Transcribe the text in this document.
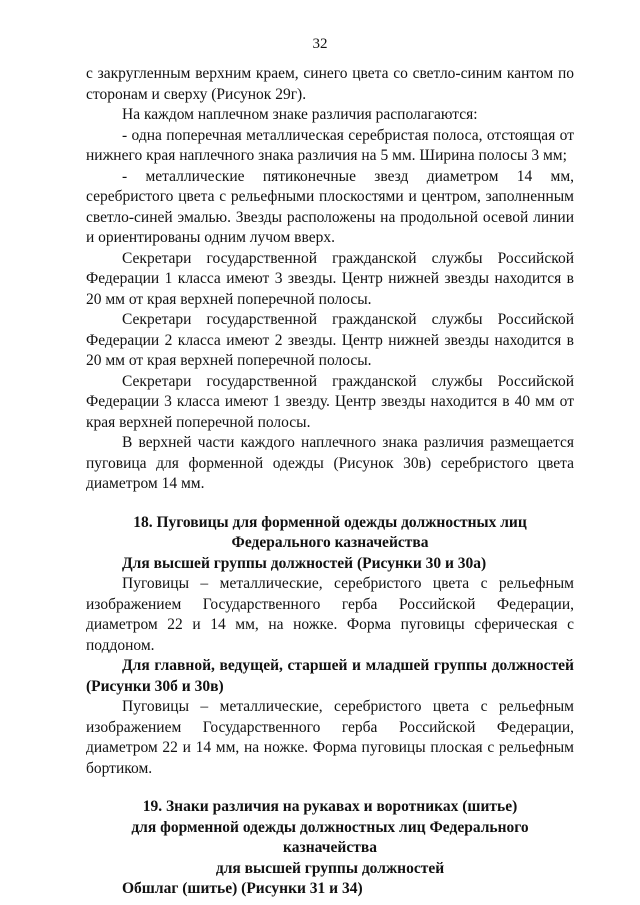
32

с закругленным верхним краем, синего цвета со светло-синим кантом по сторонам и сверху (Рисунок 29г).

На каждом наплечном знаке различия располагаются:

- одна поперечная металлическая серебристая полоса, отстоящая от нижнего края наплечного знака различия на 5 мм. Ширина полосы 3 мм;

- металлические пятиконечные звезд диаметром 14 мм, серебристого цвета с рельефными плоскостями и центром, заполненным светло-синей эмалью. Звезды расположены на продольной осевой линии и ориентированы одним лучом вверх.

Секретари государственной гражданской службы Российской Федерации 1 класса имеют 3 звезды. Центр нижней звезды находится в 20 мм от края верхней поперечной полосы.

Секретари государственной гражданской службы Российской Федерации 2 класса имеют 2 звезды. Центр нижней звезды находится в 20 мм от края верхней поперечной полосы.

Секретари государственной гражданской службы Российской Федерации 3 класса имеют 1 звезду. Центр звезды находится в 40 мм от края верхней поперечной полосы.

В верхней части каждого наплечного знака различия размещается пуговица для форменной одежды (Рисунок 30в) серебристого цвета диаметром 14 мм.

18. Пуговицы для форменной одежды должностных лиц

Федерального казначейства

Для высшей группы должностей (Рисунки 30 и 30а)

Пуговицы – металлические, серебристого цвета с рельефным изображением Государственного герба Российской Федерации, диаметром 22 и 14 мм, на ножке. Форма пуговицы сферическая с поддоном.

Для главной, ведущей, старшей и младшей группы должностей (Рисунки 30б и 30в)

Пуговицы – металлические, серебристого цвета с рельефным изображением Государственного герба Российской Федерации, диаметром 22 и 14 мм, на ножке. Форма пуговицы плоская с рельефным бортиком.

19. Знаки различия на рукавах и воротниках (шитье)

для форменной одежды должностных лиц Федерального казначейства

для высшей группы должностей

Обшлаг (шитье) (Рисунки 31 и 34)
